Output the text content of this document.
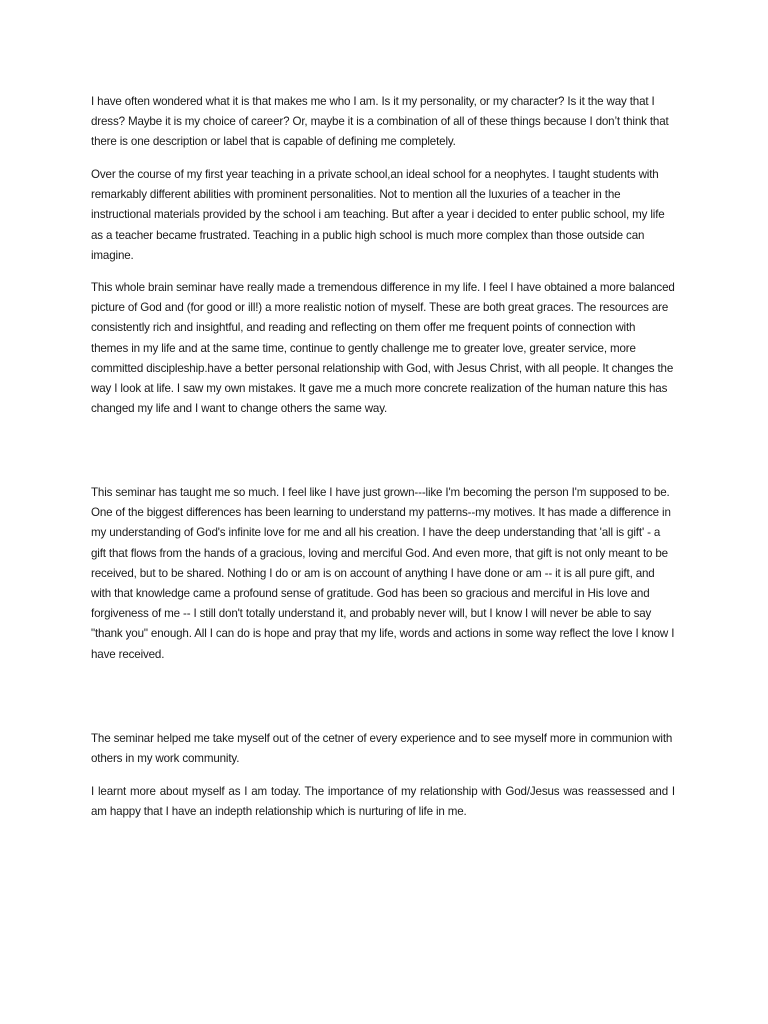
I have often wondered what it is that makes me who I am. Is it my personality, or my character? Is it the way that I dress? Maybe it is my choice of career? Or, maybe it is a combination of all of these things because I don’t think that there is one description or label that is capable of defining me completely.

Over the course of my first year teaching in a private school,an ideal school for a neophytes. I taught students with remarkably different abilities with prominent personalities. Not to mention all the luxuries of a teacher in the instructional materials provided by the school i am teaching. But after a year i decided to enter public school, my life as a teacher became frustrated. Teaching in a public high school is much more complex than those outside can imagine.

This whole brain seminar have really made a tremendous difference in my life. I feel I have obtained a more balanced picture of God and (for good or ill!) a more realistic notion of myself. These are both great graces. The resources are consistently rich and insightful, and reading and reflecting on them offer me frequent points of connection with themes in my life and at the same time, continue to gently challenge me to greater love, greater service, more committed discipleship.have a better personal relationship with God, with Jesus Christ, with all people. It changes the way I look at life. I saw my own mistakes. It gave me a much more concrete realization of the human nature this has changed my life and I want to change others the same way.

This seminar has taught me so much. I feel like I have just grown---like I'm becoming the person I'm supposed to be. One of the biggest differences has been learning to understand my patterns--my motives. It has made a difference in my understanding of God's infinite love for me and all his creation. I have the deep understanding that 'all is gift' - a gift that flows from the hands of a gracious, loving and merciful God. And even more, that gift is not only meant to be received, but to be shared. Nothing I do or am is on account of anything I have done or am -- it is all pure gift, and with that knowledge came a profound sense of gratitude. God has been so gracious and merciful in His love and forgiveness of me -- I still don't totally understand it, and probably never will, but I know I will never be able to say "thank you" enough. All I can do is hope and pray that my life, words and actions in some way reflect the love I know I have received.

The seminar helped me take myself out of the cetner of every experience and to see myself more in communion with others in my work community.

I learnt more about myself as I am today. The importance of my relationship with God/Jesus was reassessed and I am happy that I have an indepth relationship which is nurturing of life in me.
